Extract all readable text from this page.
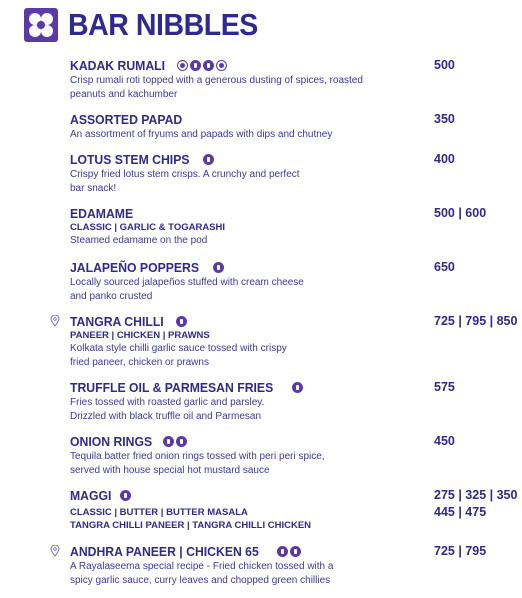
BAR NIBBLES
KADAK RUMALI
Crisp rumali roti topped with a generous dusting of spices, roasted peanuts and kachumber
500
ASSORTED PAPAD
An assortment of fryums and papads with dips and chutney
350
LOTUS STEM CHIPS
Crispy fried lotus stem crisps. A crunchy and perfect bar snack!
400
EDAMAME
CLASSIC | GARLIC & TOGARASHI
Steamed edamame on the pod
500 | 600
JALAPEÑO POPPERS
Locally sourced jalapeños stuffed with cream cheese and panko crusted
650
TANGRA CHILLI
PANEER | CHICKEN | PRAWNS
Kolkata style chilli garlic sauce tossed with crispy fried paneer, chicken or prawns
725 | 795 | 850
TRUFFLE OIL & PARMESAN FRIES
Fries tossed with roasted garlic and parsley. Drizzled with black truffle oil and Parmesan
575
ONION RINGS
Tequila batter fried onion rings tossed with peri peri spice, served with house special hot mustard sauce
450
MAGGI
CLASSIC | BUTTER | BUTTER MASALA
TANGRA CHILLI PANEER | TANGRA CHILLI CHICKEN
275 | 325 | 350
445 | 475
ANDHRA PANEER | CHICKEN 65
A Rayalaseema special recipe - Fried chicken tossed with a spicy garlic sauce, curry leaves and chopped green chillies
725 | 795
